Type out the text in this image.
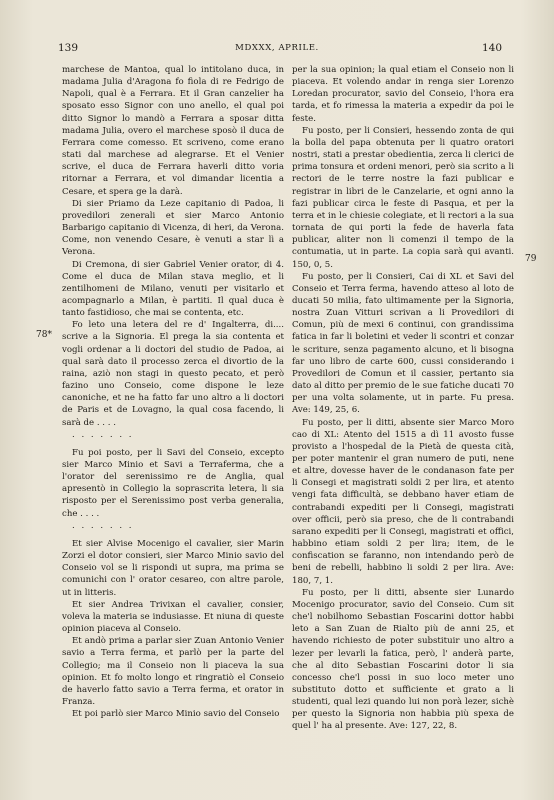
139	MDXXX, APRILE.	140
78*
79

marchese de Mantoa, qual lo intitolano duca, in madama Julia d'Aragona fo fiola di re Fedrigo de Napoli, qual è a Ferrara. Et il Gran canzelier ha sposato esso Signor con uno anello, el qual poi ditto Signor lo mandò a Ferrara a sposar ditta madama Julia, overo el marchese sposò il duca de Ferrara come comesso. Et scriveno, come erano stati dal marchese ad alegrarse. Et el Venier scrive, el duca de Ferrara haverli ditto voria ritornar a Ferrara, et vol dimandar licentia a Cesare, et spera ge la darà.

Di sier Priamo da Leze capitanio di Padoa, li provedilori zenerali et sier Marco Antonio Barbarigo capitanio di Vicenza, di heri, da Verona. Come, non venendo Cesare, è venuti a star lì a Verona.

Di Cremona, di sier Gabriel Venier orator, di 4. Come el duca de Milan stava meglio, et li zentilhomeni de Milano, venuti per visitarlo et acompagnarlo a Milan, è partiti. Il qual duca è tanto fastidioso, che mai se contenta, etc.

Fo leto una letera del re d' Ingalterra, di.... scrive a la Signoria. El prega la sia contenta et vogli ordenar a li doctori del studio de Padoa, ai qual sarà dato il processo zerca el divortio de la raina, aziò non stagi in questo pecato, et però fazino uno Conseio, come dispone le leze canoniche, et ne ha fatto far uno altro a li doctori de Paris et de Lovagno, la qual cosa facendo, li sarà de . . . .

. . . . . . .

Fu poi posto, per li Savi del Conseio, excepto sier Marco Minio et Savi a Terraferma, che a l'orator del serenissimo re de Anglia, qual apresentò in Collegio la soprascrita letera, li sia risposto per el Serenissimo post verba generalia, che . . . .

. . . . . . .

Et sier Alvise Mocenigo el cavalier, sier Marin Zorzi el dotor consieri, sier Marco Minio savio del Conseio vol se li rispondi ut supra, ma prima se comunichi con l' orator cesareo, con altre parole, ut in litteris.

Et sier Andrea Trivixan el cavalier, consier, voleva la materia se indusiasse. Et niuna di queste opinion piaceva al Conseio.

Et andò prima a parlar sier Zuan Antonio Venier savio a Terra ferma, et parlò per la parte del Collegio; ma il Conseio non li piaceva la sua opinion. Et fo molto longo et ringratiò el Conseio de haverlo fatto savio a Terra ferma, et orator in Franza.

Et poi parlò sier Marco Minio savio del Conseio

per la sua opinion; la qual etiam el Conseio non li piaceva. Et volendo andar in renga sier Lorenzo Loredan procurator, savio del Conseio, l'hora era tarda, et fo rimessa la materia a expedir da poi le feste.

Fu posto, per li Consieri, hessendo zonta de qui la bolla del papa obtenuta per li quatro oratori nostri, stati a prestar obedientia, zerca li clerici de prima tonsura et ordeni menori, però sia scrito a li rectori de le terre nostre la fazi publicar e registrar in libri de le Canzelarie, et ogni anno la fazi publicar circa le feste di Pasqua, et per la terra et in le chiesie colegiate, et li rectori a la sua tornata de qui porti la fede de haverla fata publicar, aliter non li comenzi il tempo de la contumatia, ut in parte. La copia sarà qui avanti. 150, 0, 5.

Fu posto, per li Consieri, Cai di XL et Savi del Conseio et Terra ferma, havendo atteso al loto de ducati 50 milia, fato ultimamente per la Signoria, nostra Zuan Vitturi scrivan a li Provedilori di Comun, più de mexi 6 continui, con grandissima fatica in far li boletini et veder li scontri et conzar le scriture, senza pagamento alcuno, et li bisogna far uno libro de carte 600, cussi considerando i Provedilori de Comun et il cassier, pertanto sia dato al ditto per premio de le sue fatiche ducati 70 per una volta solamente, ut in parte. Fu presa. Ave: 149, 25, 6.

Fu posto, per li ditti, absente sier Marco Moro cao di XL: Atento del 1515 a dì 11 avosto fusse provisto a l'hospedal de la Pietà de questa cità, per poter mantenir el gran numero de puti, nene et altre, dovesse haver de le condanason fate per li Consegi et magistrati soldi 2 per lira, et atento vengi fata difficultà, se debbano haver etiam de contrabandi expediti per li Consegi, magistrati over officii, però sia preso, che de li contrabandi sarano expediti per li Consegi, magistrati et offici, habbino etiam soldi 2 per lira; item, de le confiscation se faranno, non intendando però de beni de rebelli, habbino li soldi 2 per lira. Ave: 180, 7, 1.

Fu posto, per li ditti, absente sier Lunardo Mocenigo procurator, savio del Conseio. Cum sit che'l nobilhomo Sebastian Foscarini dottor habbi leto a San Zuan de Rialto più de anni 25, et havendo richiesto de poter substituir uno altro a lezer per levarli la fatica, però, l' anderà parte, che al dito Sebastian Foscarini dotor li sia concesso che'l possi in suo loco meter uno substituto dotto et sufficiente et grato a li studenti, qual lezi quando lui non porà lezer, sichè per questo la Signoria non habbia più spexa de quel l' ha al presente. Ave: 127, 22, 8.
